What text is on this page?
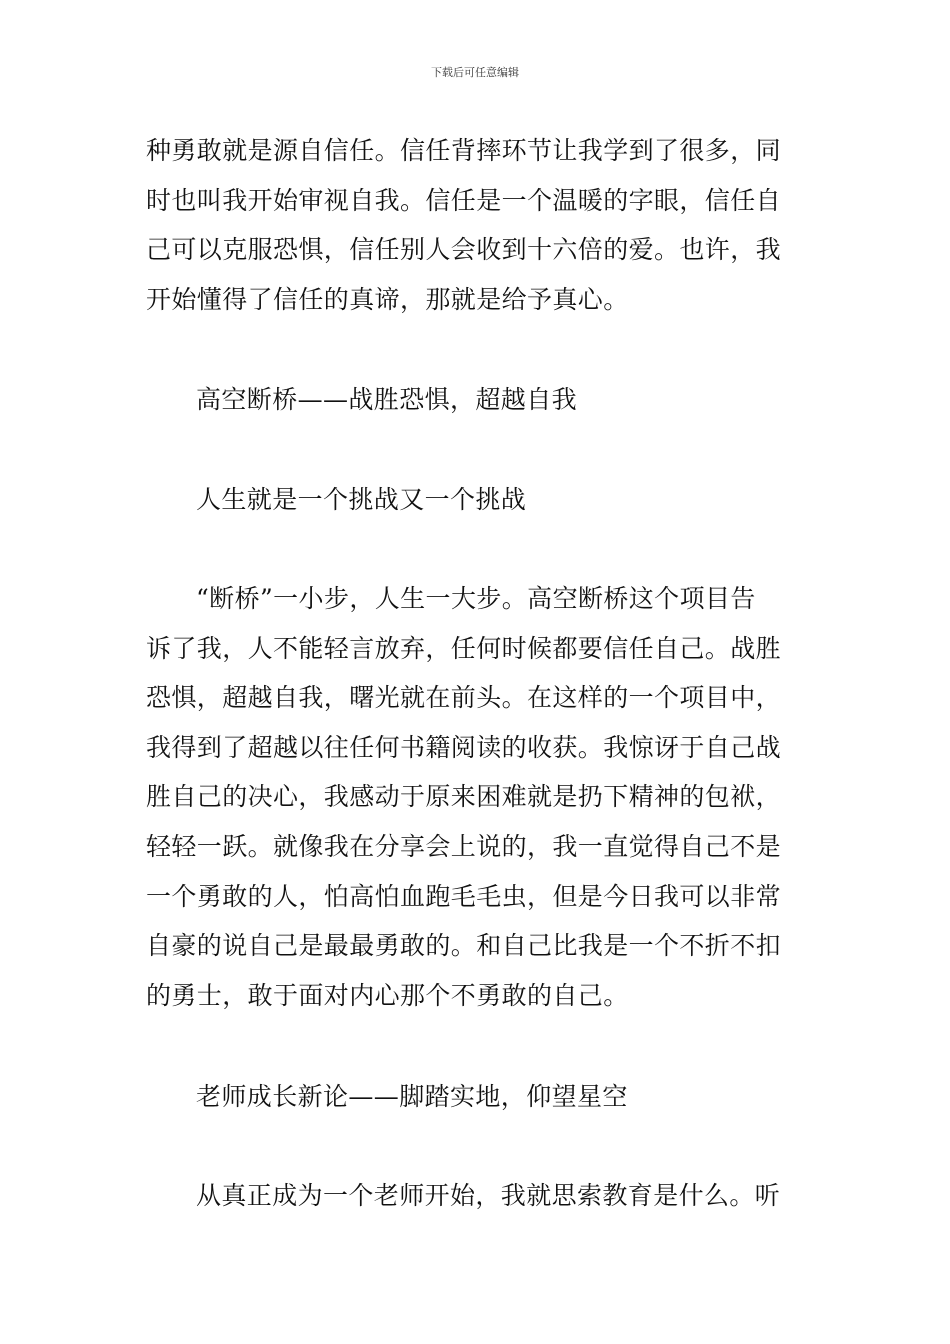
下载后可任意编辑

种勇敢就是源自信任。信任背摔环节让我学到了很多，同
时也叫我开始审视自我。信任是一个温暖的字眼，信任自
己可以克服恐惧，信任别人会收到十六倍的爱。也许，我
开始懂得了信任的真谛，那就是给予真心。

高空断桥——战胜恐惧，超越自我

人生就是一个挑战又一个挑战

“断桥”一小步，人生一大步。高空断桥这个项目告
诉了我，人不能轻言放弃，任何时候都要信任自己。战胜
恐惧，超越自我，曙光就在前头。在这样的一个项目中，
我得到了超越以往任何书籍阅读的收获。我惊讶于自己战
胜自己的决心，我感动于原来困难就是扔下精神的包袱，
轻轻一跃。就像我在分享会上说的，我一直觉得自己不是
一个勇敢的人，怕高怕血跑毛毛虫，但是今日我可以非常
自豪的说自己是最最勇敢的。和自己比我是一个不折不扣
的勇士，敢于面对内心那个不勇敢的自己。

老师成长新论——脚踏实地，仰望星空

从真正成为一个老师开始，我就思索教育是什么。听
